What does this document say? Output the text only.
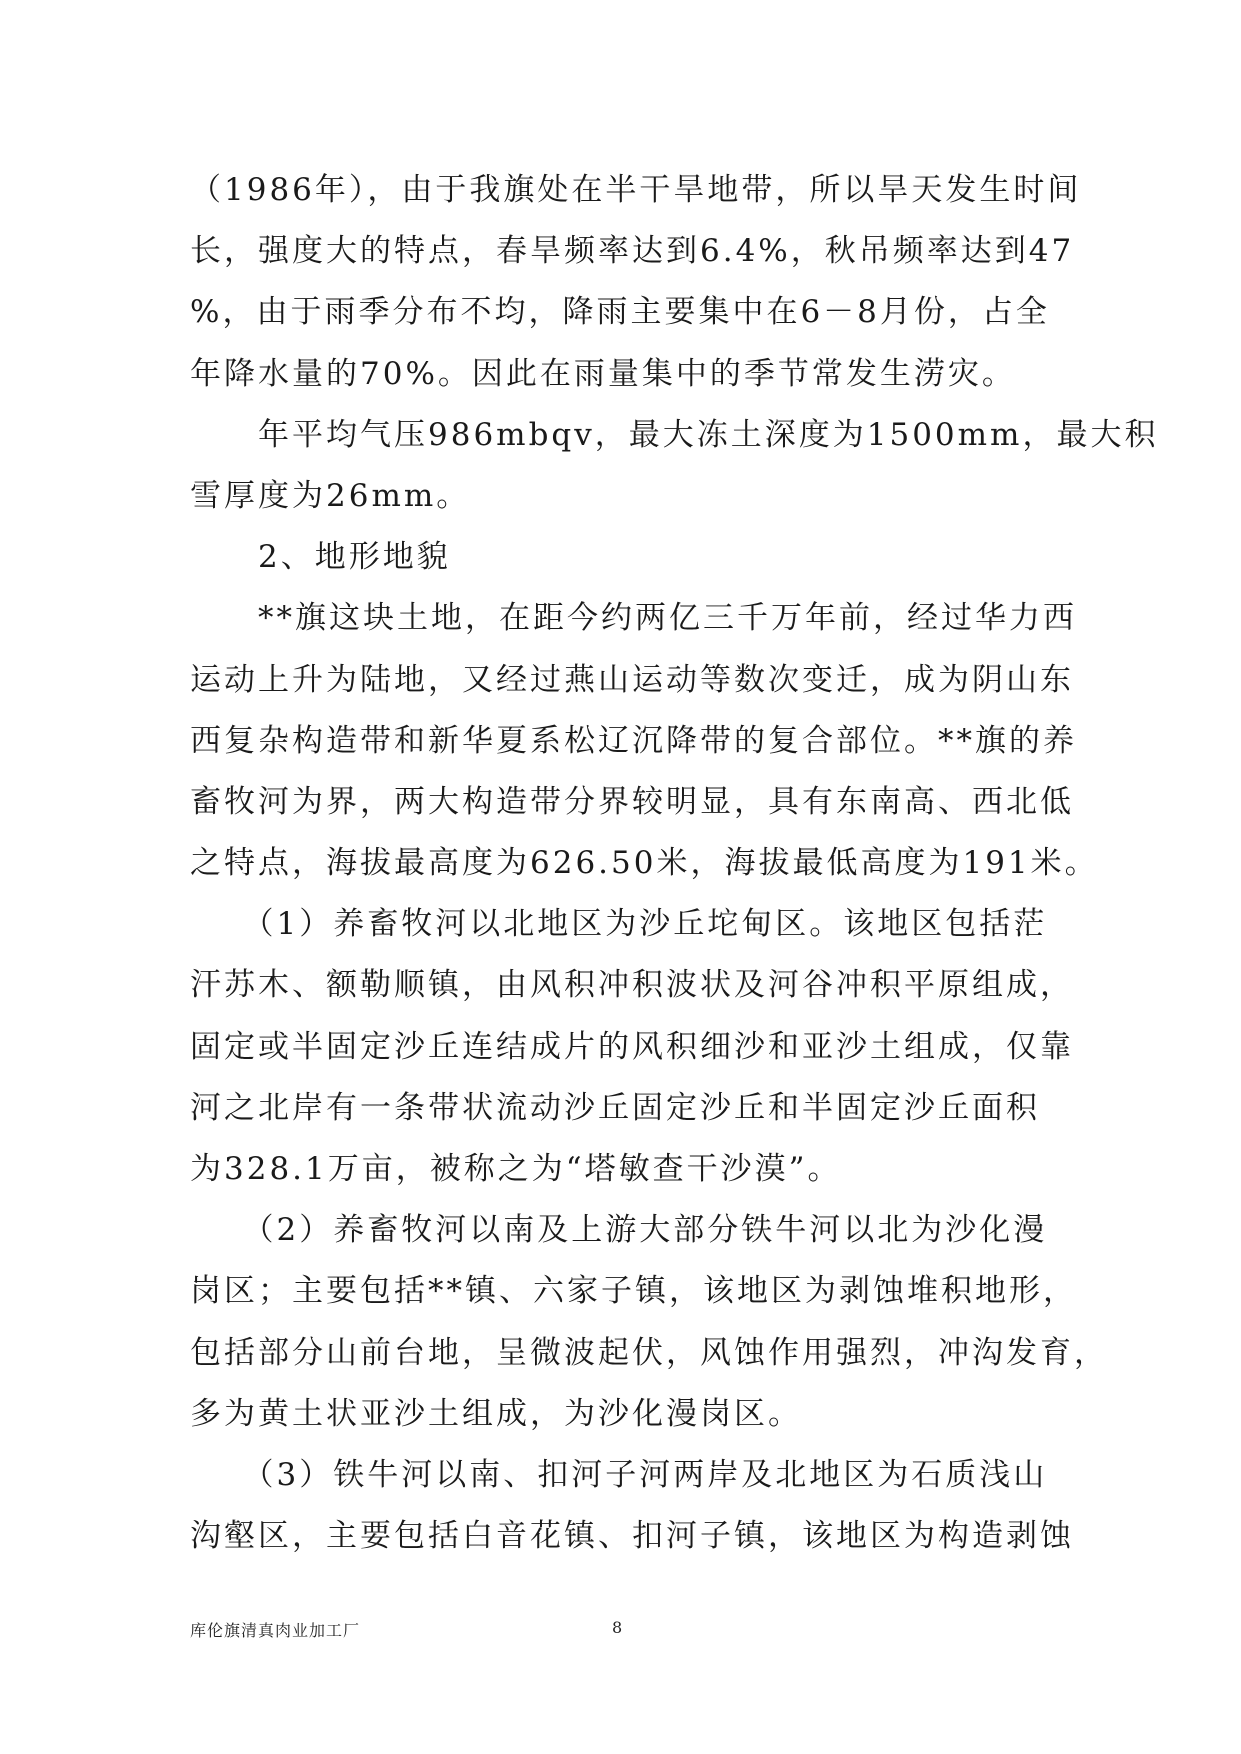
（1986年），由于我旗处在半干旱地带，所以旱天发生时间
长，强度大的特点，春旱频率达到6.4%，秋吊频率达到47
%，由于雨季分布不均，降雨主要集中在6－8月份，占全
年降水量的70%。因此在雨量集中的季节常发生涝灾。
　　年平均气压986mbqv，最大冻土深度为1500mm，最大积
雪厚度为26mm。
　　2、地形地貌
　　**旗这块土地，在距今约两亿三千万年前，经过华力西
运动上升为陆地，又经过燕山运动等数次变迁，成为阴山东
西复杂构造带和新华夏系松辽沉降带的复合部位。**旗的养
畜牧河为界，两大构造带分界较明显，具有东南高、西北低
之特点，海拔最高度为626.50米，海拔最低高度为191米。
　　（1）养畜牧河以北地区为沙丘坨甸区。该地区包括茫
汗苏木、额勒顺镇，由风积冲积波状及河谷冲积平原组成，
固定或半固定沙丘连结成片的风积细沙和亚沙土组成，仅靠
河之北岸有一条带状流动沙丘固定沙丘和半固定沙丘面积
为328.1万亩，被称之为“塔敏查干沙漠”。
　　（2）养畜牧河以南及上游大部分铁牛河以北为沙化漫
岗区；主要包括**镇、六家子镇，该地区为剥蚀堆积地形，
包括部分山前台地，呈微波起伏，风蚀作用强烈，冲沟发育，
多为黄土状亚沙土组成，为沙化漫岗区。
　　（3）铁牛河以南、扣河子河两岸及北地区为石质浅山
沟壑区，主要包括白音花镇、扣河子镇，该地区为构造剥蚀
库伦旗清真肉业加工厂	8
